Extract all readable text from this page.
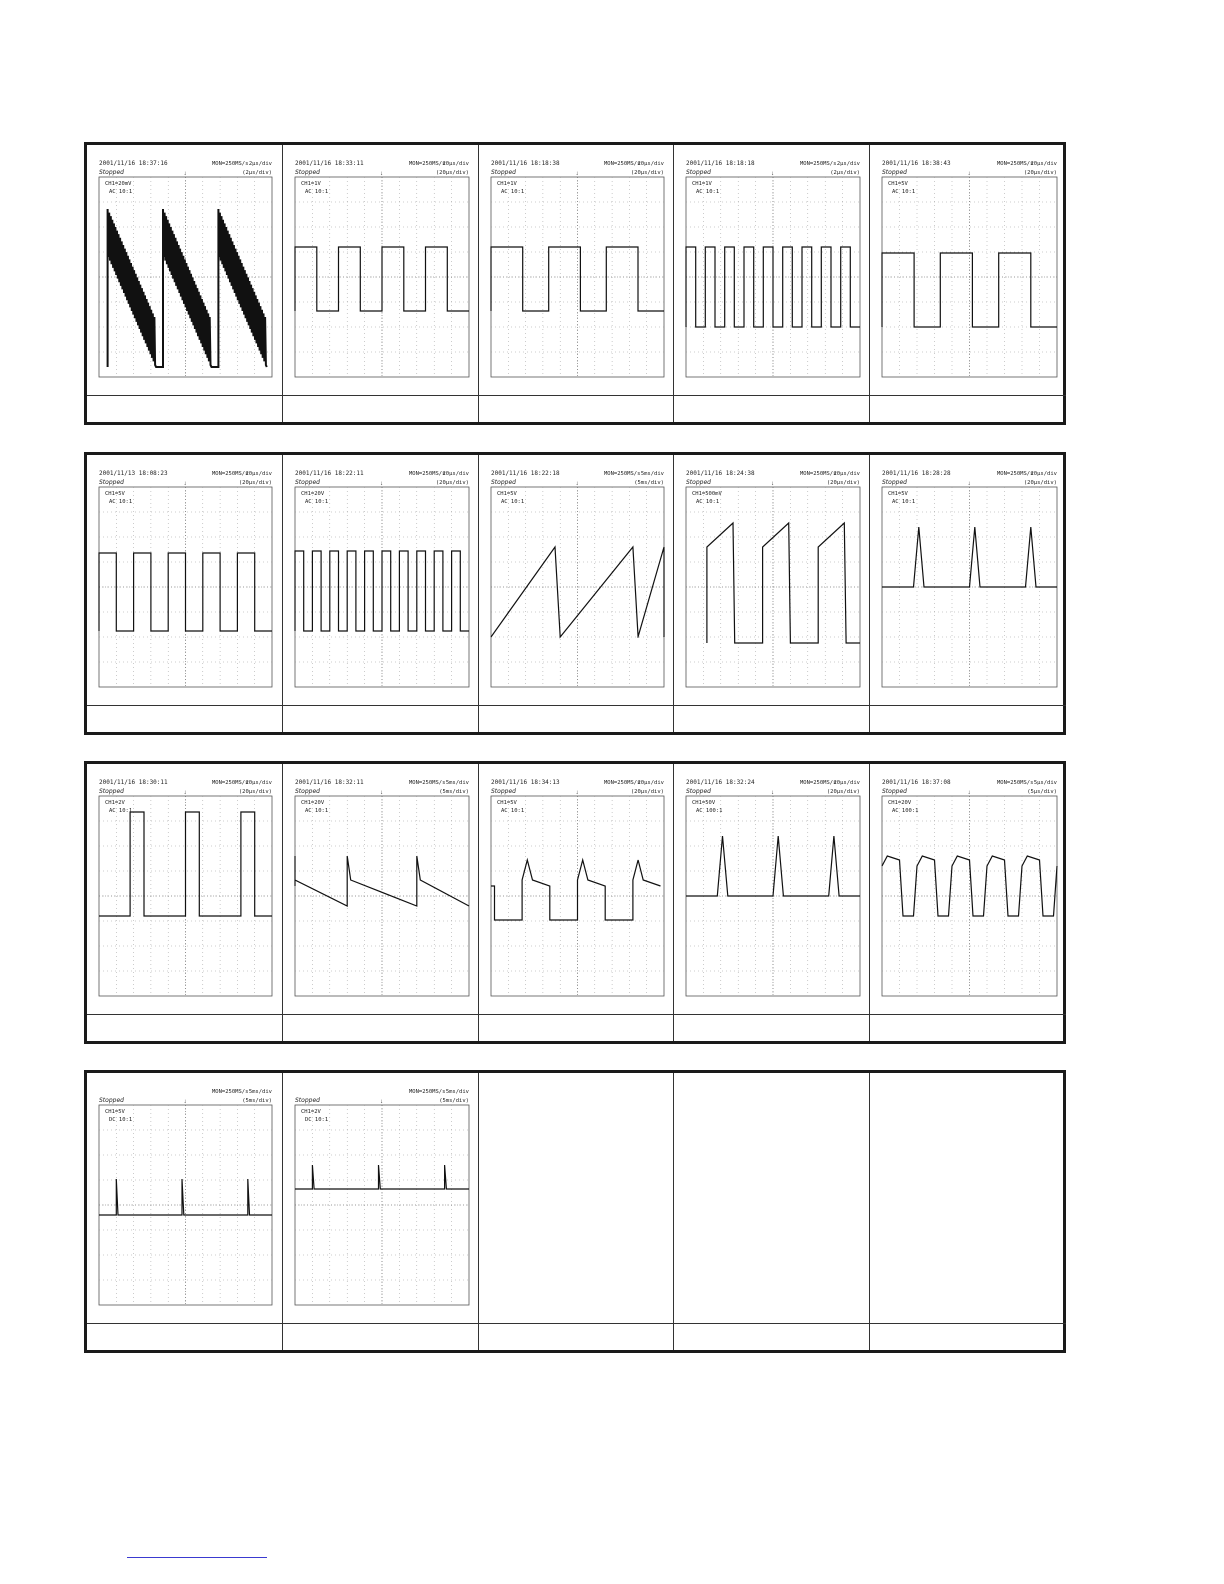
2001/11/16 18:37:16
Stopped
MON=250MS/s 2µs/div
(2µs/div)
CH1=20mV
AC 10:1
↓
2001/11/16 18:33:11
Stopped
MON=250MS/s
20µs/div
(20µs/div)
CH1=1V
AC 10:1
↓
2001/11/16 18:18:38
Stopped
MON=250MS/s
20µs/div
(20µs/div)
CH1=1V
AC 10:1
↓
2001/11/16 18:18:18
Stopped
MON=250MS/s 2µs/div
(2µs/div)
CH1=1V
AC 10:1
↓
2001/11/16 18:38:43
Stopped
MON=250MS/s
20µs/div
(20µs/div)
CH1=5V
AC 10:1
↓
2001/11/13 18:08:23
Stopped
MON=250MS/s
20µs/div
(20µs/div)
CH1=5V
AC 10:1
↓
2001/11/16 18:22:11
Stopped
MON=250MS/s
20µs/div
(20µs/div)
CH1=20V
AC 10:1
↓
2001/11/16 18:22:18
Stopped
MON=250MS/s 5ms/div
(5ms/div)
CH1=5V
AC 10:1
↓
2001/11/16 18:24:38
Stopped
MON=250MS/s
20µs/div
(20µs/div)
CH1=500mV
AC 10:1
↓
2001/11/16 18:28:28
Stopped
MON=250MS/s
20µs/div
(20µs/div)
CH1=5V
AC 10:1
↓
2001/11/16 18:30:11
Stopped
MON=250MS/s
20µs/div
(20µs/div)
CH1=2V
AC 10:1
↓
2001/11/16 18:32:11
Stopped
MON=250MS/s 5ms/div
(5ms/div)
CH1=20V
AC 10:1
↓
2001/11/16 18:34:13
Stopped
MON=250MS/s
20µs/div
(20µs/div)
CH1=5V
AC 10:1
↓
2001/11/16 18:32:24
Stopped
MON=250MS/s
20µs/div
(20µs/div)
CH1=50V
AC 100:1
↓
2001/11/16 18:37:08
Stopped
MON=250MS/s 5µs/div
(5µs/div)
CH1=20V
AC 100:1
↓
Stopped
MON=250MS/s 5ms/div
(5ms/div)
CH1=5V
DC 10:1
↓	Stopped
MON=250MS/s 5ms/div
(5ms/div)
CH1=2V
DC 10:1
↓
